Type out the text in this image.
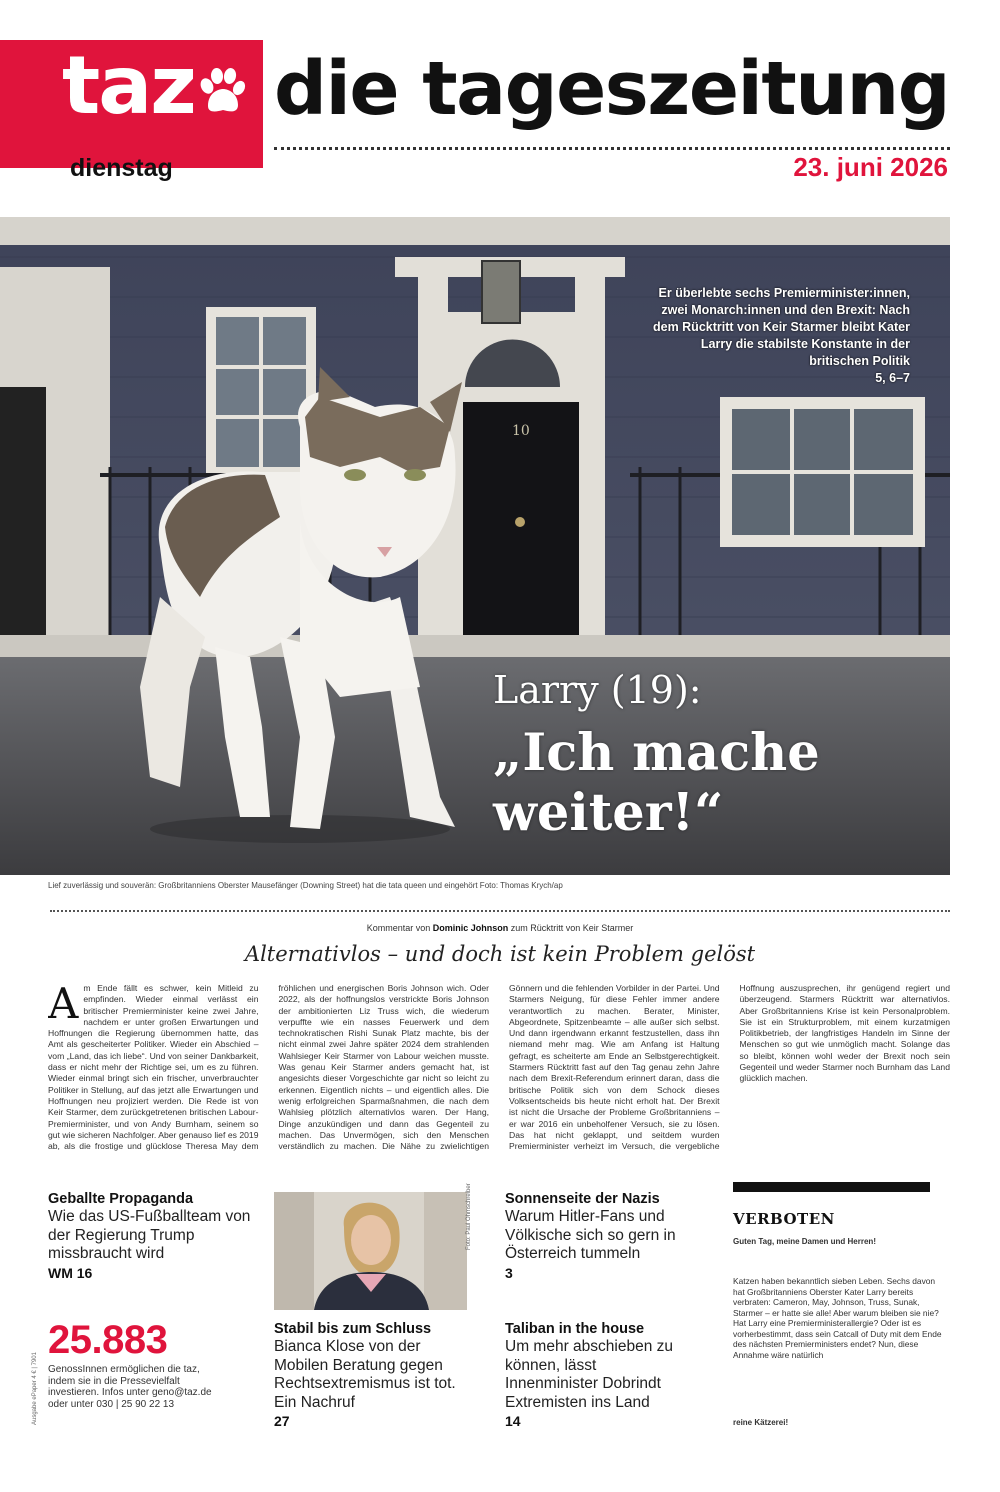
taz
dienstag
die tageszeitung
23. juni 2026
10
Er überlebte sechs Premierminister:innen, zwei Monarch:innen und den Brexit: Nach dem Rücktritt von Keir Starmer bleibt Kater Larry die stabilste Konstante in der britischen Politik
5, 6–7
Larry (19):
„Ich mache weiter!“
Lief zuverlässig und souverän: Großbritanniens Oberster Mausefänger (Downing Street) hat die tata queen und eingehört Foto: Thomas Krych/ap
Kommentar von Dominic Johnson zum Rücktritt von Keir Starmer
Alternativlos – und doch ist kein Problem gelöst
Am Ende fällt es schwer, kein Mitleid zu empfinden. Wieder einmal verlässt ein britischer Premierminister keine zwei Jahre, nachdem er unter großen Erwartungen und Hoffnungen die Regierung übernommen hatte, das Amt als gescheiterter Politiker. Wieder ein Abschied – vom „Land, das ich liebe“. Und von seiner Dankbarkeit, dass er nicht mehr der Richtige sei, um es zu führen. Wieder einmal bringt sich ein frischer, unverbrauchter Politiker in Stellung, auf das jetzt alle Erwartungen und Hoffnungen neu projiziert werden. Die Rede ist von Keir Starmer, dem zurückgetretenen britischen Labour-Premierminister, und von Andy Burnham, seinem so gut wie sicheren Nachfolger. Aber genauso lief es 2019 ab, als die frostige und glücklose Theresa May dem fröhlichen und energischen Boris Johnson wich. Oder 2022, als der hoffnungslos verstrickte Boris Johnson der ambitionierten Liz Truss wich, die wiederum verpuffte wie ein nasses Feuerwerk und dem technokratischen Rishi Sunak Platz machte, bis der nicht einmal zwei Jahre später 2024 dem strahlenden Wahlsieger Keir Starmer von Labour weichen musste. Was genau Keir Starmer anders gemacht hat, ist angesichts dieser Vorgeschichte gar nicht so leicht zu erkennen. Eigentlich nichts – und eigentlich alles. Die wenig erfolgreichen Sparmaßnahmen, die nach dem Wahlsieg plötzlich alternativlos waren. Der Hang, Dinge anzukündigen und dann das Gegenteil zu machen. Das Unvermögen, sich den Menschen verständlich zu machen. Die Nähe zu zwielichtigen Gönnern und die fehlenden Vorbilder in der Partei. Und Starmers Neigung, für diese Fehler immer andere verantwortlich zu machen. Berater, Minister, Abgeordnete, Spitzenbeamte – alle außer sich selbst. Und dann irgendwann erkannt festzustellen, dass ihn niemand mehr mag. Wie am Anfang ist Haltung gefragt, es scheiterte am Ende an Selbstgerechtigkeit. Starmers Rücktritt fast auf den Tag genau zehn Jahre nach dem Brexit-Referendum erinnert daran, dass die britische Politik sich von dem Schock dieses Volksentscheids bis heute nicht erholt hat. Der Brexit ist nicht die Ursache der Probleme Großbritanniens – er war 2016 ein unbeholfener Versuch, sie zu lösen. Das hat nicht geklappt, und seitdem wurden Premierminister verheizt im Versuch, die vergebliche Hoffnung auszusprechen, ihr genügend regiert und überzeugend. Starmers Rücktritt war alternativlos. Aber Großbritanniens Krise ist kein Personalproblem. Sie ist ein Strukturproblem, mit einem kurzatmigen Politikbetrieb, der langfristiges Handeln im Sinne der Menschen so gut wie unmöglich macht. Solange das so bleibt, können wohl weder der Brexit noch sein Gegenteil und weder Starmer noch Burnham das Land glücklich machen.
Geballte Propaganda
Wie das US-Fußballteam von der Regierung Trump missbraucht wird
WM 16
Ausgabe ePaper 4 € | 7901
25.883
GenossInnen ermöglichen die taz, indem sie in die Pressevielfalt investieren. Infos unter geno@taz.de oder unter 030 | 25 90 22 13
Foto: Paul Ohmschreiber
Stabil bis zum Schluss
Bianca Klose von der Mobilen Beratung gegen Rechtsextremismus ist tot. Ein Nachruf
27
Sonnenseite der Nazis
Warum Hitler-Fans und Völkische sich so gern in Österreich tummeln
3
Taliban in the house
Um mehr abschieben zu können, lässt Innenminister Dobrindt Extremisten ins Land
14
VERBOTEN
Guten Tag, meine Damen und Herren!
Katzen haben bekanntlich sieben Leben. Sechs davon hat Großbritanniens Oberster Kater Larry bereits verbraten: Cameron, May, Johnson, Truss, Sunak, Starmer – er hatte sie alle! Aber warum bleiben sie nie? Hat Larry eine Premierministerallergie? Oder ist es vorherbestimmt, dass sein Catcall of Duty mit dem Ende des nächsten Premierministers endet? Nun, diese Annahme wäre natürlich
reine Kätzerei!
